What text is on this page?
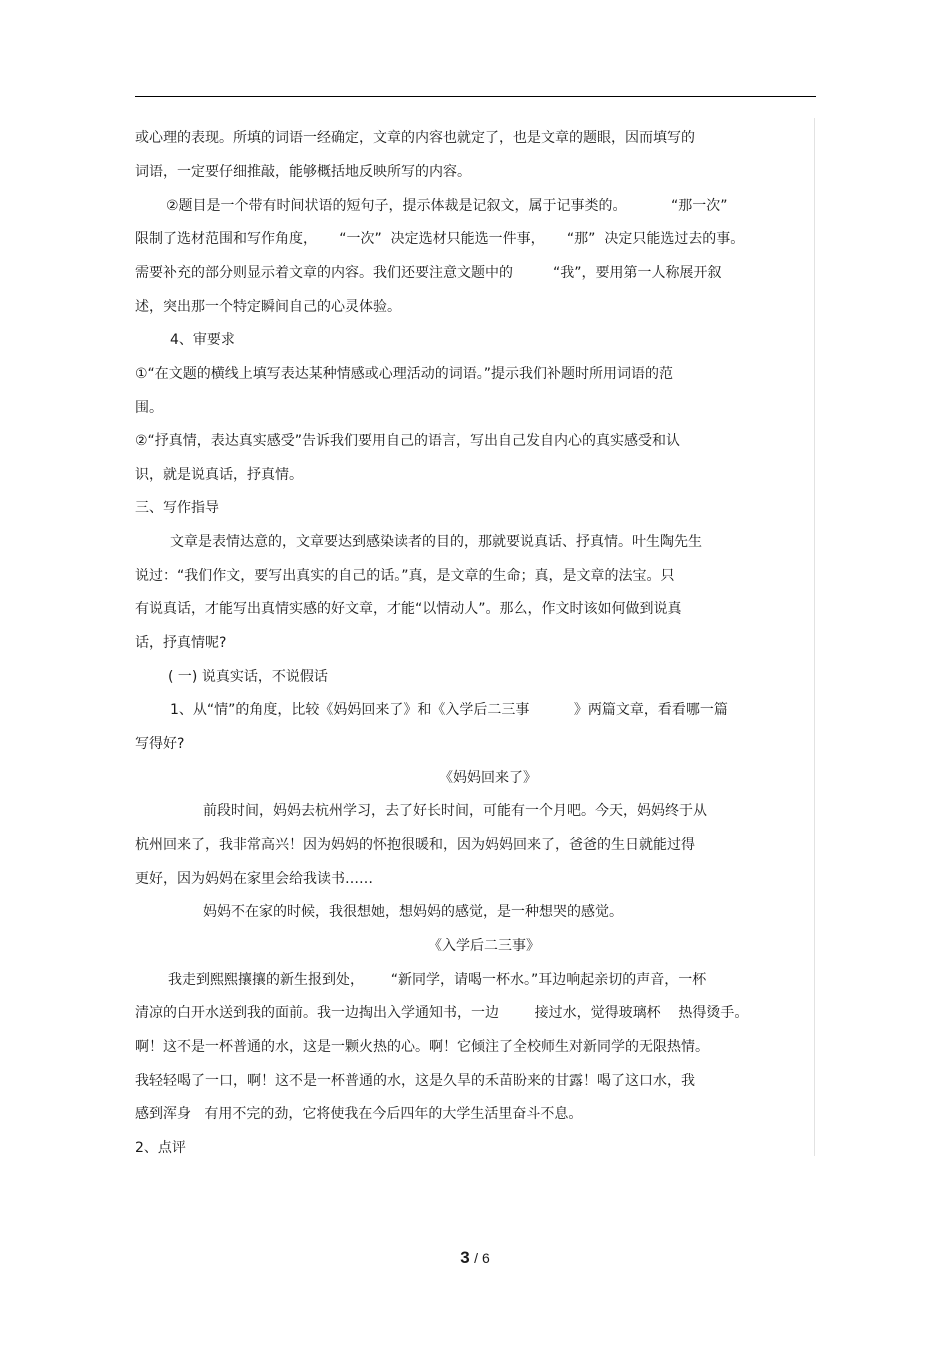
或心理的表现。所填的词语一经确定，文章的内容也就定了，也是文章的题眼，因而填写的
词语，一定要仔细推敲，能够概括地反映所写的内容。
②题目是一个带有时间状语的短句子，提示体裁是记叙文，属于记事类的。          “那一次”
限制了选材范围和写作角度，     “一次”  决定选材只能选一件事，     “那”  决定只能选过去的事。
需要补充的部分则显示着文章的内容。我们还要注意文题中的         “我”，要用第一人称展开叙
述，突出那一个特定瞬间自己的心灵体验。
4、审要求
①“在文题的横线上填写表达某种情感或心理活动的词语。”提示我们补题时所用词语的范
围。
②“抒真情，表达真实感受”告诉我们要用自己的语言，写出自己发自内心的真实感受和认
识，就是说真话，抒真情。
三、写作指导
文章是表情达意的，文章要达到感染读者的目的，那就要说真话、抒真情。叶生陶先生
说过：“我们作文，要写出真实的自己的话。”真，是文章的生命；真，是文章的法宝。只
有说真话，才能写出真情实感的好文章，才能“以情动人”。那么，作文时该如何做到说真
话，抒真情呢?
( 一) 说真实话，不说假话
1、从“情”的角度，比较《妈妈回来了》和《入学后二三事          》两篇文章，看看哪一篇
写得好?
《妈妈回来了》
前段时间，妈妈去杭州学习，去了好长时间，可能有一个月吧。今天，妈妈终于从
杭州回来了，我非常高兴！因为妈妈的怀抱很暖和，因为妈妈回来了，爸爸的生日就能过得
更好，因为妈妈在家里会给我读书……
妈妈不在家的时候，我很想她，想妈妈的感觉，是一种想哭的感觉。
《入学后二三事》
我走到熙熙攘攘的新生报到处，      “新同学，请喝一杯水。”耳边响起亲切的声音，一杯
清凉的白开水送到我的面前。我一边掏出入学通知书，一边        接过水，觉得玻璃杯    热得烫手。
啊！这不是一杯普通的水，这是一颗火热的心。啊！它倾注了全校师生对新同学的无限热情。
我轻轻喝了一口，啊！这不是一杯普通的水，这是久旱的禾苗盼来的甘露！喝了这口水，我
感到浑身   有用不完的劲，它将使我在今后四年的大学生活里奋斗不息。
2、点评
3 / 6
